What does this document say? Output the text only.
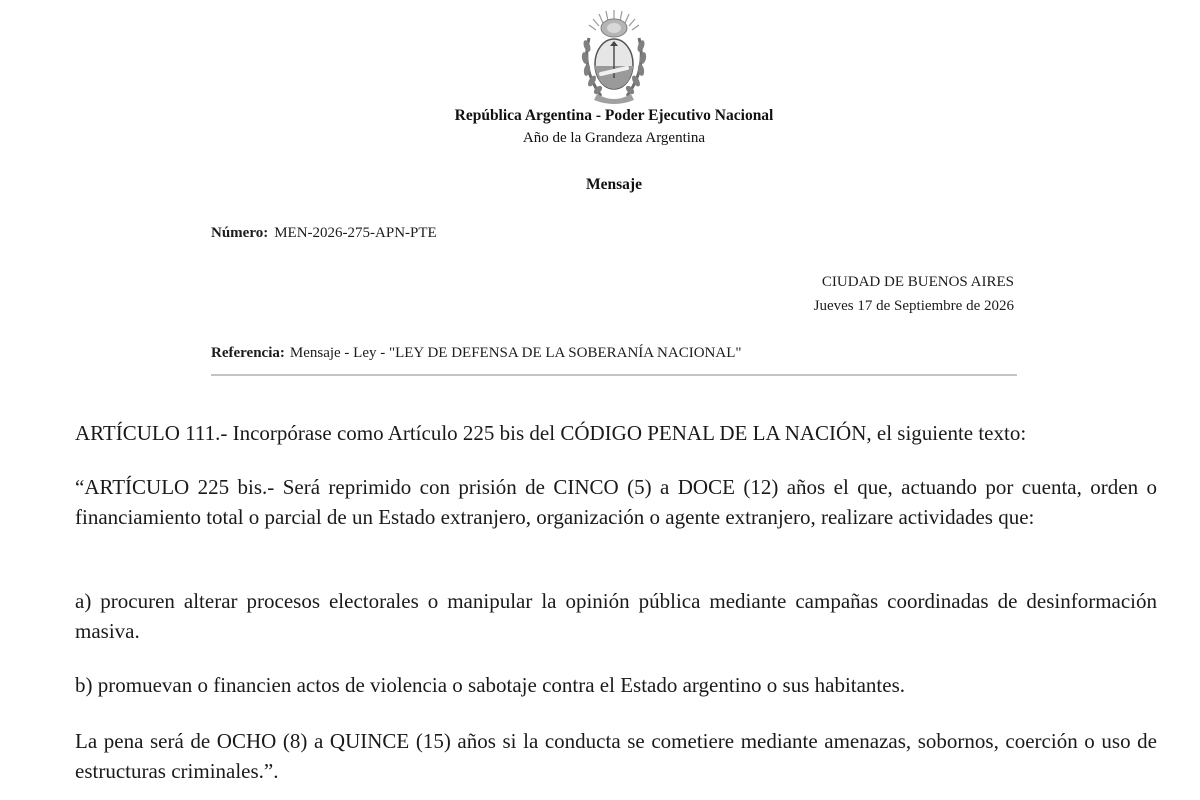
República Argentina - Poder Ejecutivo Nacional
Año de la Grandeza Argentina
Mensaje
Número: MEN-2026-275-APN-PTE
CIUDAD DE BUENOS AIRES
Jueves 17 de Septiembre de 2026
Referencia: Mensaje - Ley - "LEY DE DEFENSA DE LA SOBERANÍA NACIONAL"

ARTÍCULO 111.- Incorpórase como Artículo 225 bis del CÓDIGO PENAL DE LA NACIÓN, el siguiente texto:

“ARTÍCULO 225 bis.- Será reprimido con prisión de CINCO (5) a DOCE (12) años el que, actuando por cuenta, orden o financiamiento total o parcial de un Estado extranjero, organización o agente extranjero, realizare actividades que:

a) procuren alterar procesos electorales o manipular la opinión pública mediante campañas coordinadas de desinformación masiva.

b) promuevan o financien actos de violencia o sabotaje contra el Estado argentino o sus habitantes.

La pena será de OCHO (8) a QUINCE (15) años si la conducta se cometiere mediante amenazas, sobornos, coerción o uso de estructuras criminales.”.
